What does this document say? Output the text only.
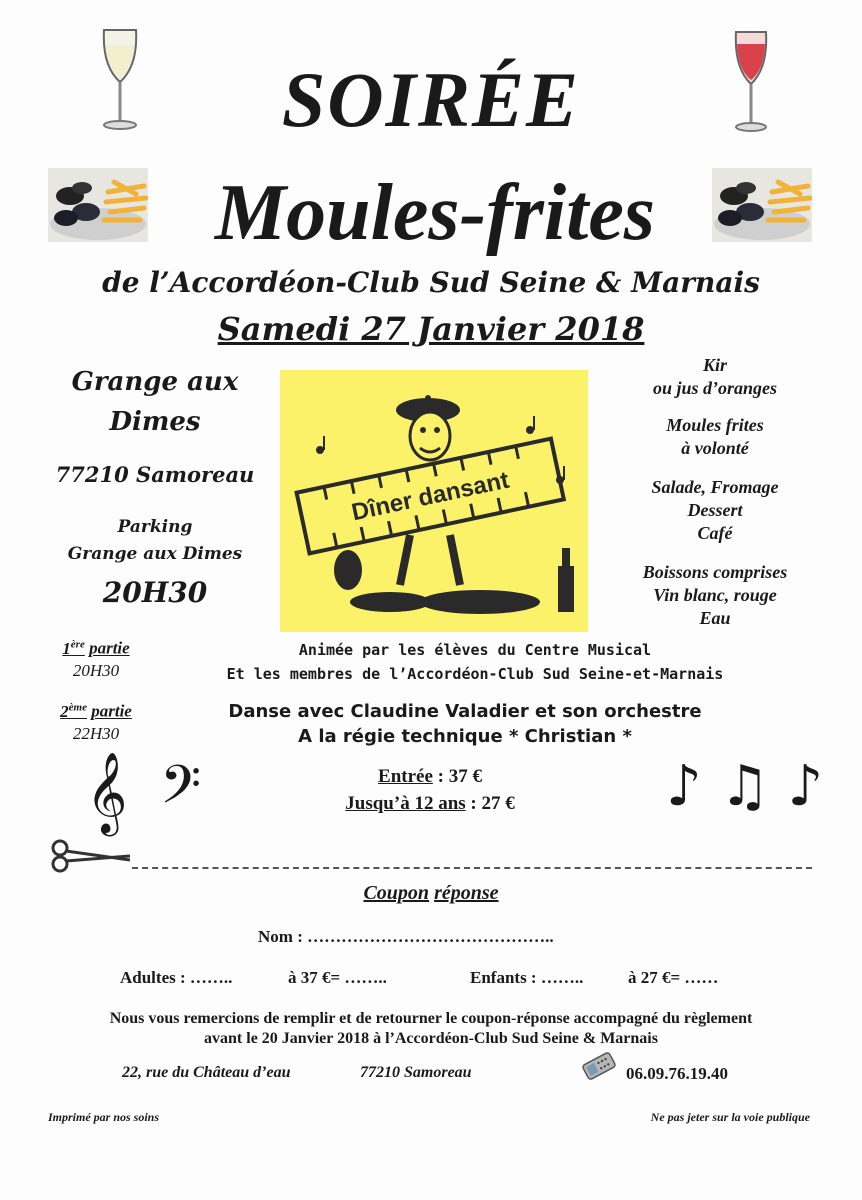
SOIRÉE
Moules-frites
de l’Accordéon-Club Sud Seine & Marnais
Samedi 27 Janvier 2018
Grange aux
Dimes
77210 Samoreau
Parking
Grange aux Dimes
20H30
Dîner dansant
Kir
ou jus d’oranges
Moules frites
à volonté
Salade, Fromage
Dessert
Café
Boissons comprises
Vin blanc, rouge
Eau
1ère partie
20H30
Animée par les élèves du Centre Musical
Et les membres de l’Accordéon-Club Sud Seine-et-Marnais
2ème partie
22H30
Danse avec Claudine Valadier et son orchestre
A la régie technique * Christian *
𝄞 𝄢	Entrée : 37 €
Jusqu’à 12 ans : 27 €	♪ ♫ ♪
Coupon réponse
Nom : ……………………………………..
Adultes : ……..	à 37 €= ……..	Enfants : ……..	à 27 €= ……
Nous vous remercions de remplir et de retourner le coupon-réponse accompagné du règlement
avant le 20 Janvier 2018 à l’Accordéon-Club Sud Seine & Marnais
22, rue du Château d’eau	77210 Samoreau	06.09.76.19.40
Imprimé par nos soins	Ne pas jeter sur la voie publique
